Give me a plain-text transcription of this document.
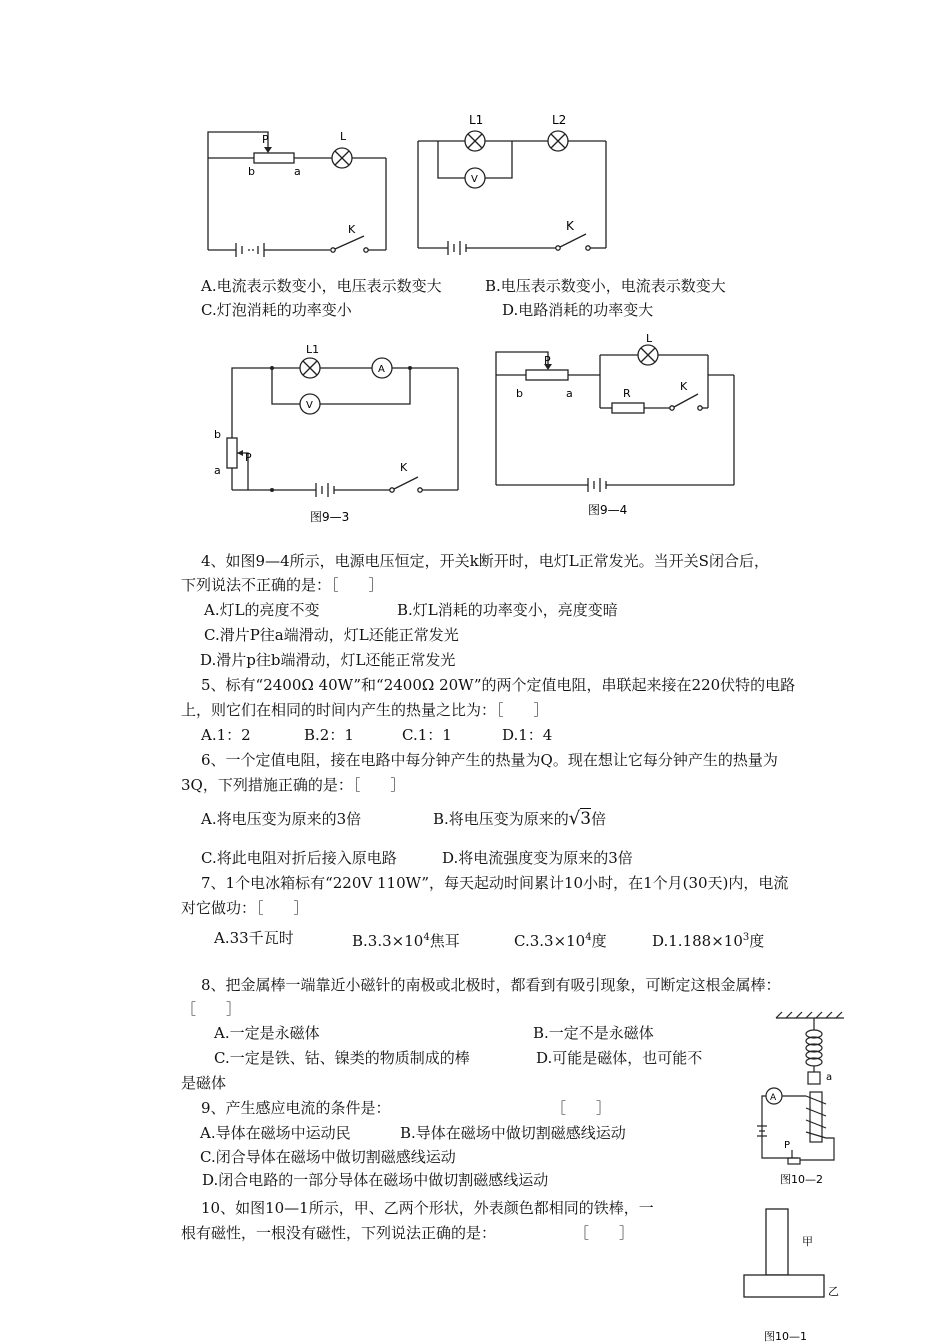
P	L
b	a
K
L1	L2
V
K
A.电流表示数变小，电压表示数变大	B.电压表示数变小，电流表示数变大
C.灯泡消耗的功率变小	D.电路消耗的功率变大
L1
A
V
b
a
P
K
图9—3
P
L
b	a	R
K
图9—4
4、如图9—4所示，电源电压恒定，开关k断开时，电灯L正常发光。当开关S闭合后，
下列说法不正确的是：［　　］
A.灯L的亮度不变	B.灯L消耗的功率变小，亮度变暗
C.滑片P往a端滑动，灯L还能正常发光
D.滑片p往b端滑动，灯L还能正常发光
5、标有“2400Ω 40W”和“2400Ω 20W”的两个定值电阻，串联起来接在220伏特的电路
上，则它们在相同的时间内产生的热量之比为：［　　］
A.1：2	B.2：1	C.1：1	D.1：4
6、一个定值电阻，接在电路中每分钟产生的热量为Q。现在想让它每分钟产生的热量为
3Q，下列措施正确的是：［　　］
A.将电压变为原来的3倍	B.将电压变为原来的√3倍
C.将此电阻对折后接入原电路	D.将电流强度变为原来的3倍
7、1个电冰箱标有“220V 110W”，每天起动时间累计10小时，在1个月(30天)内，电流
对它做功：［　　］
A.33千瓦时	$B.3.3\times 10^4$焦耳	$C.3.3\times 10^4$度	$D.1.188\times 10^3$度
8、把金属棒一端靠近小磁针的南极或北极时，都看到有吸引现象，可断定这根金属棒：
［　　］
A.一定是永磁体	B.一定不是永磁体
C.一定是铁、钴、镍类的物质制成的棒	D.可能是磁体，也可能不
是磁体
9、产生感应电流的条件是：	［　　］
A.导体在磁场中运动民	B.导体在磁场中做切割磁感线运动
C.闭合导体在磁场中做切割磁感线运动
D.闭合电路的一部分导体在磁场中做切割磁感线运动
10、如图10—1所示，甲、乙两个形状，外表颜色都相同的铁棒，一
根有磁性，一根没有磁性，下列说法正确的是：	［　　］
a
A
P
图10—2
甲
乙
图10—1
